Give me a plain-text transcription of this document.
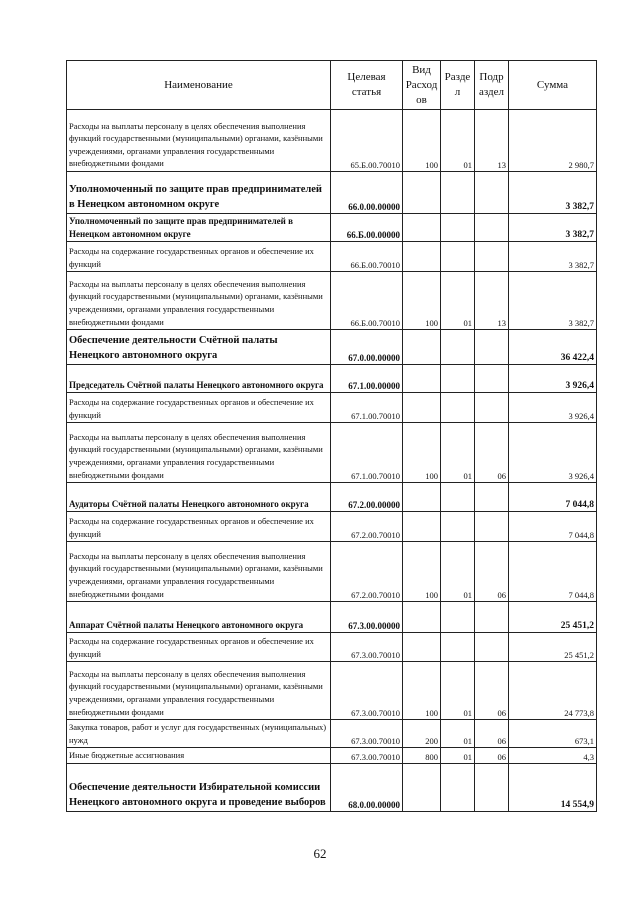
Наименование	Целевая статья	Вид Расход ов	Разде л	Подр аздел	Сумма
Расходы на выплаты персоналу в целях обеспечения выполнения функций государственными (муниципальными) органами, казёнными учреждениями, органами управления государственными внебюджетными фондами	65.Б.00.70010	100	01	13	2 980,7
Уполномоченный по защите прав предпринимателей в Ненецком автономном округе	66.0.00.00000				3 382,7
Уполномоченный по защите прав предпринимателей в Ненецком автономном округе	66.Б.00.00000				3 382,7
Расходы на содержание государственных органов и обеспечение их функций	66.Б.00.70010				3 382,7
Расходы на выплаты персоналу в целях обеспечения выполнения функций государственными (муниципальными) органами, казёнными учреждениями, органами управления государственными внебюджетными фондами	66.Б.00.70010	100	01	13	3 382,7
Обеспечение деятельности Счётной палаты Ненецкого автономного округа	67.0.00.00000				36 422,4
Председатель Счётной палаты Ненецкого автономного округа	67.1.00.00000				3 926,4
Расходы на содержание государственных органов и обеспечение их функций	67.1.00.70010				3 926,4
Расходы на выплаты персоналу в целях обеспечения выполнения функций государственными (муниципальными) органами, казёнными учреждениями, органами управления государственными внебюджетными фондами	67.1.00.70010	100	01	06	3 926,4
Аудиторы Счётной палаты Ненецкого автономного округа	67.2.00.00000				7 044,8
Расходы на содержание государственных органов и обеспечение их функций	67.2.00.70010				7 044,8
Расходы на выплаты персоналу в целях обеспечения выполнения функций государственными (муниципальными) органами, казёнными учреждениями, органами управления государственными внебюджетными фондами	67.2.00.70010	100	01	06	7 044,8
Аппарат Счётной палаты Ненецкого автономного округа	67.3.00.00000				25 451,2
Расходы на содержание государственных органов и обеспечение их функций	67.3.00.70010				25 451,2
Расходы на выплаты персоналу в целях обеспечения выполнения функций государственными (муниципальными) органами, казёнными учреждениями, органами управления государственными внебюджетными фондами	67.3.00.70010	100	01	06	24 773,8
Закупка товаров, работ и услуг для государственных (муниципальных) нужд	67.3.00.70010	200	01	06	673,1
Иные бюджетные ассигнования	67.3.00.70010	800	01	06	4,3
Обеспечение деятельности Избирательной комиссии Ненецкого автономного округа и проведение выборов	68.0.00.00000				14 554,9
62
